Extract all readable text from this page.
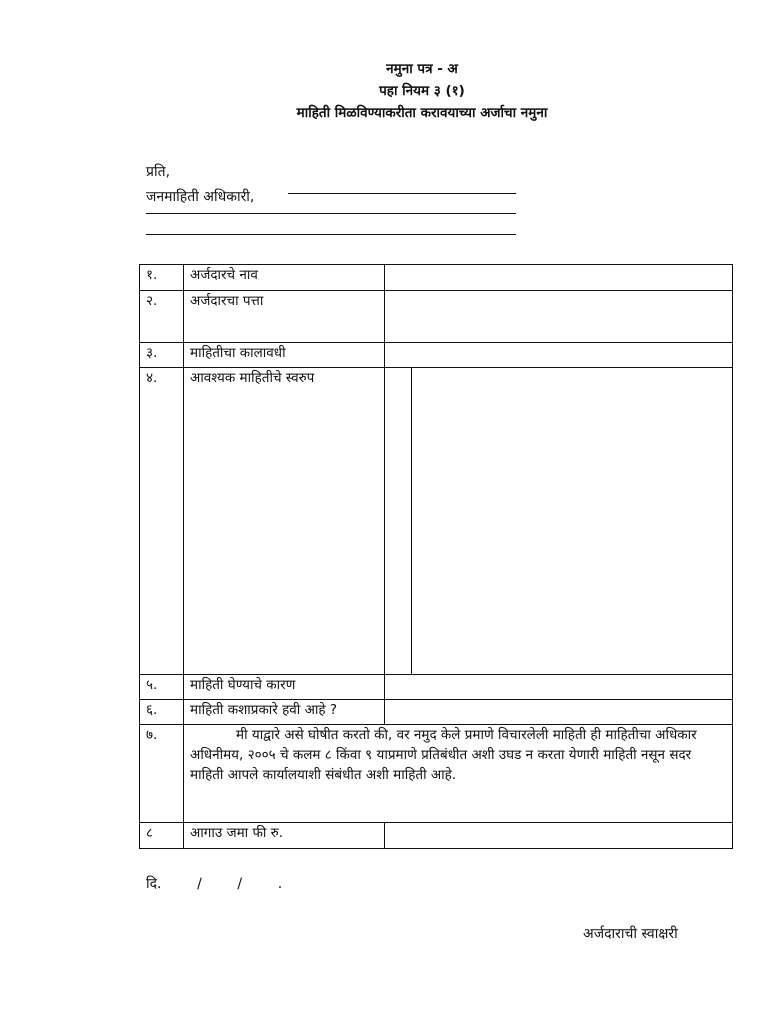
नमुना पत्र - अ
पहा नियम ३ (१)
माहिती मिळविण्याकरीता करावयाच्या अर्जाचा नमुना
प्रति,
जनमाहिती अधिकारी,
१.	अर्जदारचे नाव	
२.	अर्जदारचा पत्ता	
३.	माहितीचा कालावधी	
४.	आवश्यक माहितीचे स्वरुप	

५.	माहिती घेण्याचे कारण	
६.	माहिती कशाप्रकारे हवी आहे ?	
७.	मी याद्वारे असे घोषीत करतो की, वर नमुद केले प्रमाणे विचारलेली माहिती ही माहितीचा अधिकार अधिनीमय, २००५ चे कलम ८ किंवा ९ याप्रमाणे प्रतिबंधीत अशी उघड न करता येणारी माहिती नसून सदर माहिती आपले कार्यालयाशी संबंधीत अशी माहिती आहे.	
८	आगाउ जमा फी रु.	
दि.        /        /        .
अर्जदाराची स्वाक्षरी
